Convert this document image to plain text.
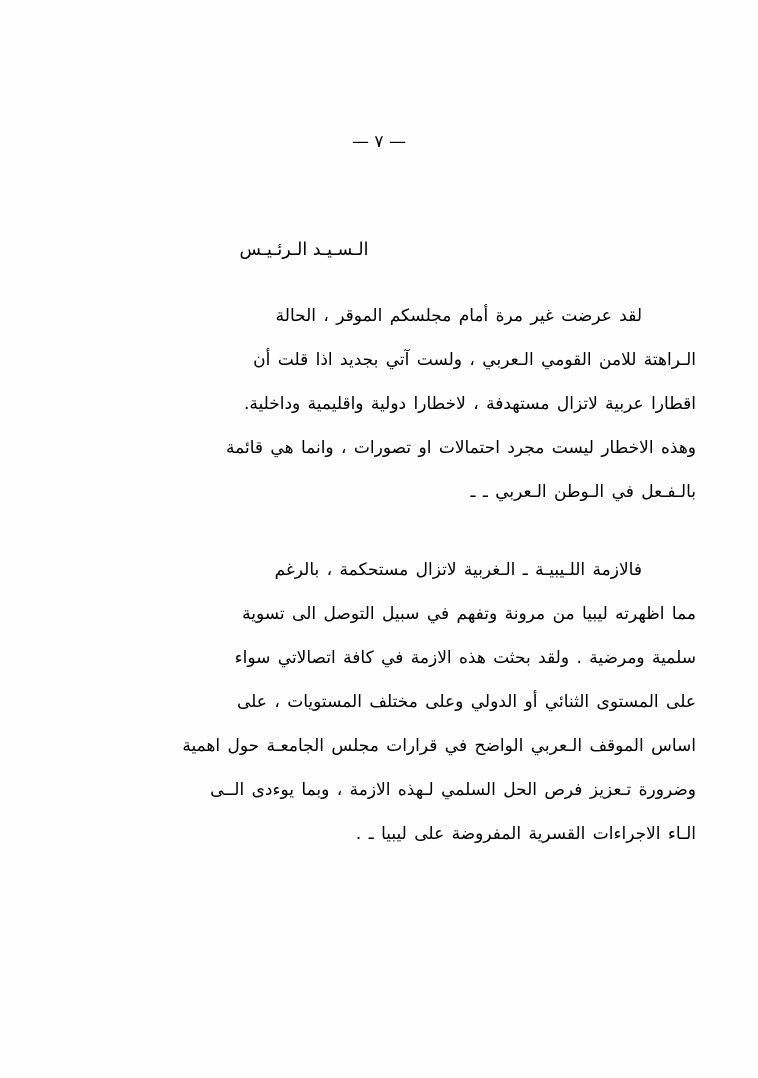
— ٧ —
الـسـيـد الـرئـيـس

لقد عرضت غير مرة أمام مجلسكم الموقر ، الحالة
الـراهتة للامن القومي الـعربي ، ولست آتي بجديد اذا قلت أن
اقطارا عربية لاتزال مستهدفة ، لاخطارا دولية واقليمية وداخلية.
وهذه الاخطار ليست مجرد احتمالات او تصورات ، وانما هي قائمة
بالـفـعل في الـوطن الـعربي ـ ـ

فالازمة اللـيبيـة ـ الـغربية لاتزال مستحكمة ، بالرغم
مما اظهرته ليبيا من مرونة وتفهم في سبيل التوصل الى تسوية
سلمية ومرضية . ولقد بحثت هذه الازمة في كافة اتصالاتي سواء
على المستوى الثنائي أو الدولي وعلى مختلف المستويات ، على
اساس الموقف الـعربي الواضح في قرارات مجلس الجامعـة حول اهمية
وضرورة تـعزيز فرص الحل السلمي لـهذه الازمة ، وبما يوءدى الــى
الـاء الاجراءات القسرية المفروضة على ليبيا ـ .
